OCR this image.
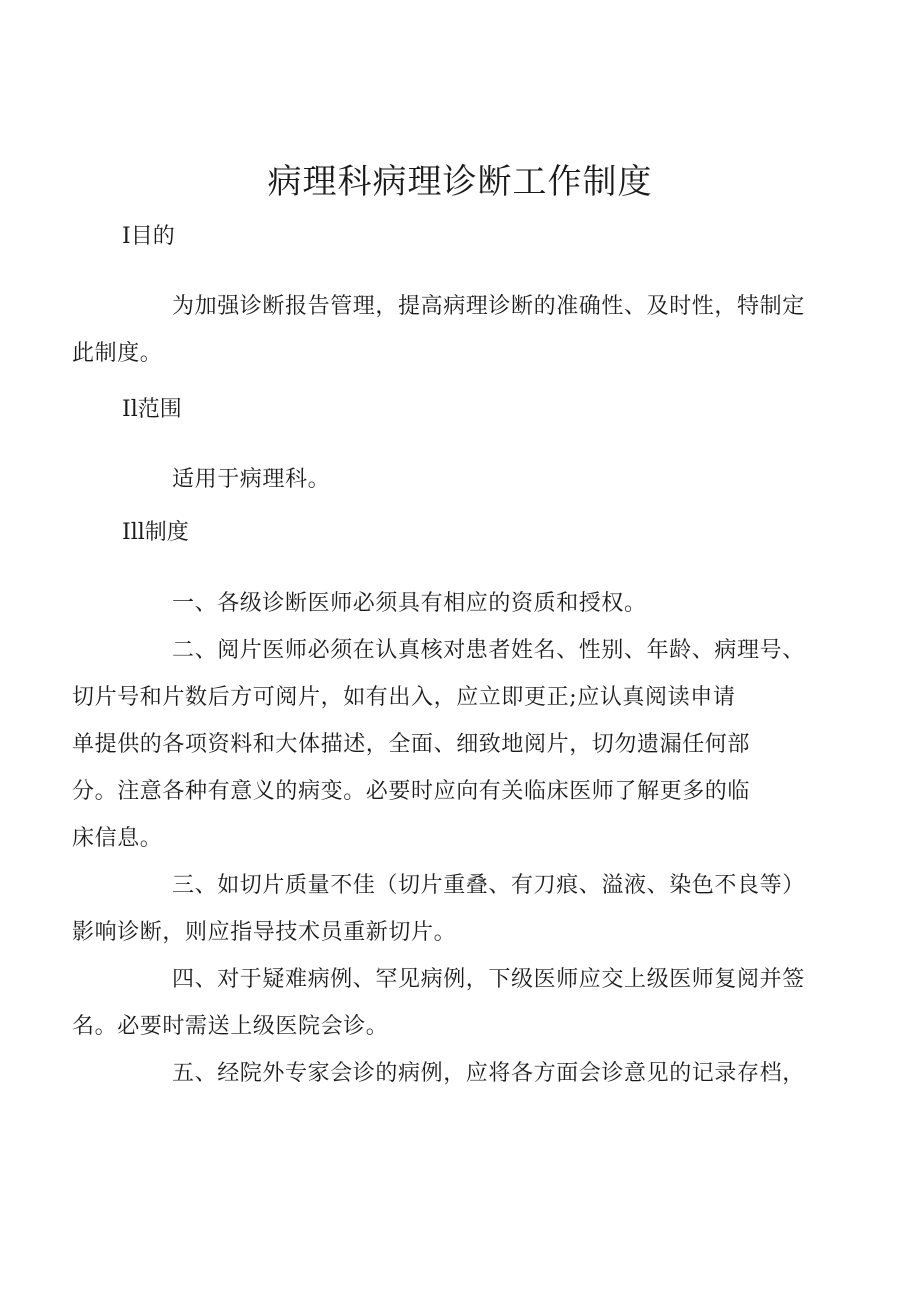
病理科病理诊断工作制度
I目的
为加强诊断报告管理，提高病理诊断的准确性、及时性，特制定
此制度。
Il范围
适用于病理科。
Ill制度
一、各级诊断医师必须具有相应的资质和授权。
二、阅片医师必须在认真核对患者姓名、性别、年龄、病理号、
切片号和片数后方可阅片，如有出入，应立即更正;应认真阅读申请
单提供的各项资料和大体描述，全面、细致地阅片，切勿遗漏任何部
分。注意各种有意义的病变。必要时应向有关临床医师了解更多的临
床信息。
三、如切片质量不佳（切片重叠、有刀痕、溢液、染色不良等）
影响诊断，则应指导技术员重新切片。
四、对于疑难病例、罕见病例，下级医师应交上级医师复阅并签
名。必要时需送上级医院会诊。
五、经院外专家会诊的病例，应将各方面会诊意见的记录存档，
